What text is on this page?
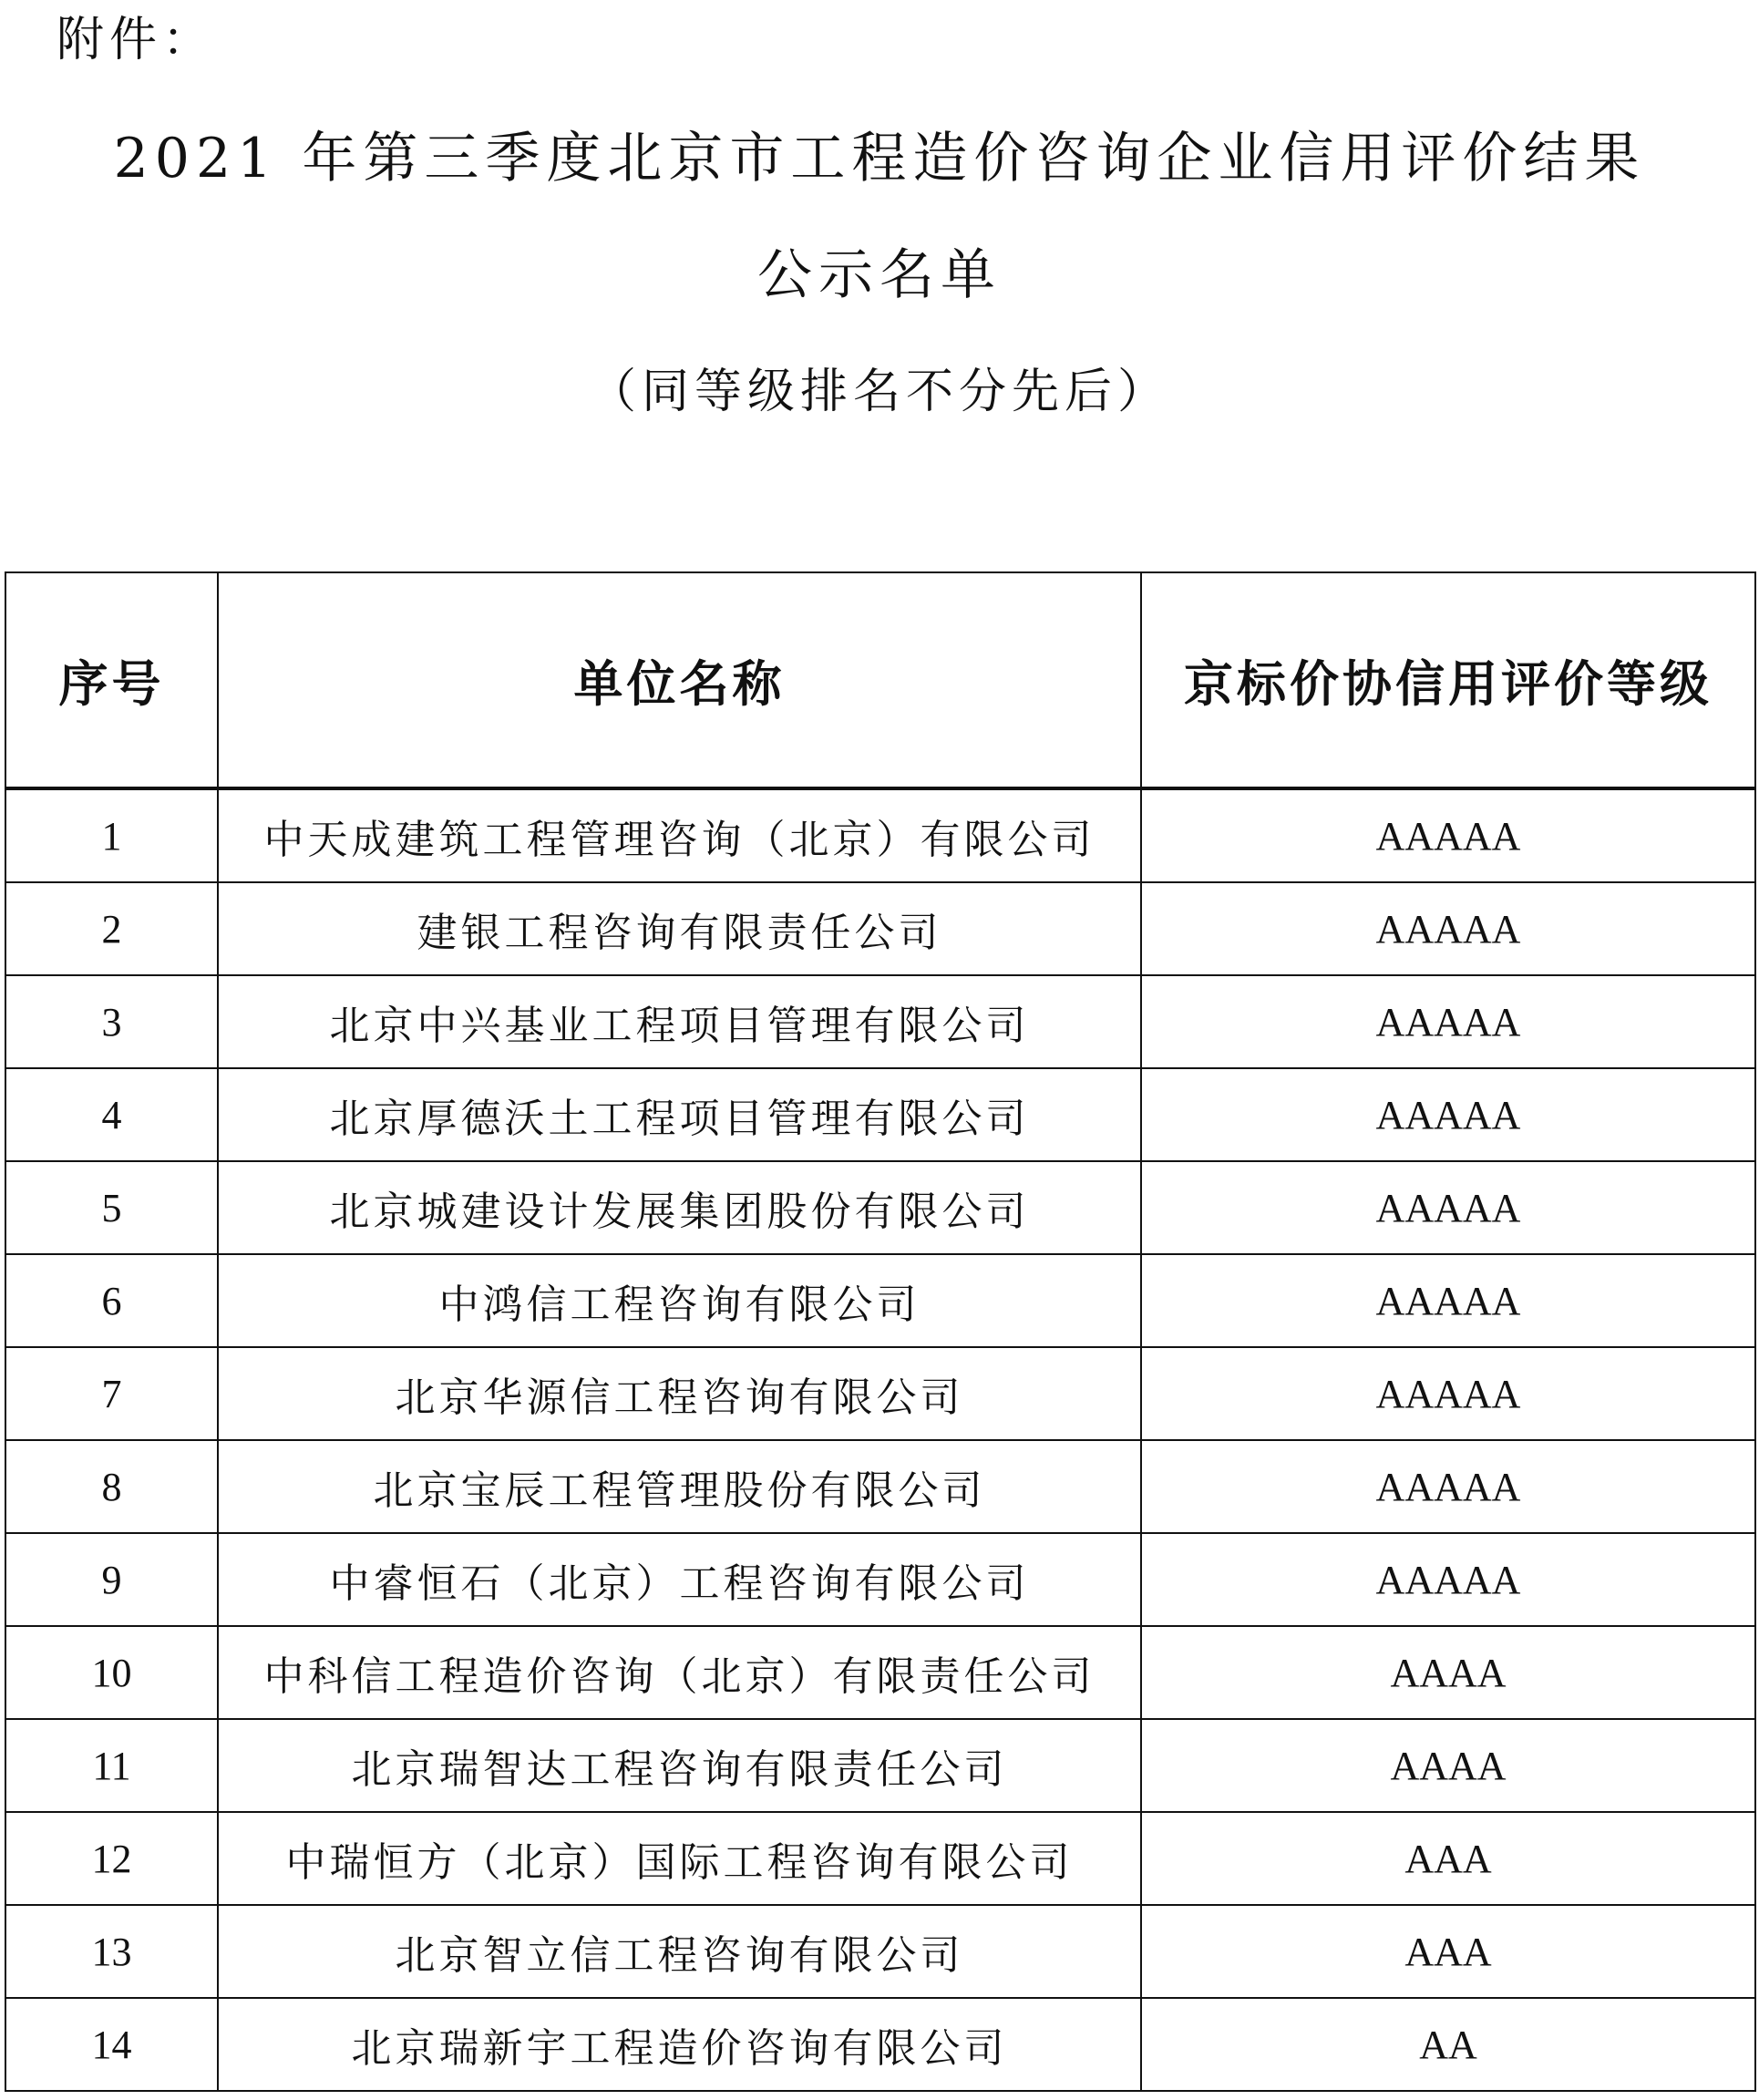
附件：
2021 年第三季度北京市工程造价咨询企业信用评价结果
公示名单
（同等级排名不分先后）
序号	单位名称	京标价协信用评价等级
1	中天成建筑工程管理咨询（北京）有限公司	AAAAA
2	建银工程咨询有限责任公司	AAAAA
3	北京中兴基业工程项目管理有限公司	AAAAA
4	北京厚德沃土工程项目管理有限公司	AAAAA
5	北京城建设计发展集团股份有限公司	AAAAA
6	中鸿信工程咨询有限公司	AAAAA
7	北京华源信工程咨询有限公司	AAAAA
8	北京宝辰工程管理股份有限公司	AAAAA
9	中睿恒石（北京）工程咨询有限公司	AAAAA
10	中科信工程造价咨询（北京）有限责任公司	AAAA
11	北京瑞智达工程咨询有限责任公司	AAAA
12	中瑞恒方（北京）国际工程咨询有限公司	AAA
13	北京智立信工程咨询有限公司	AAA
14	北京瑞新宇工程造价咨询有限公司	AA
